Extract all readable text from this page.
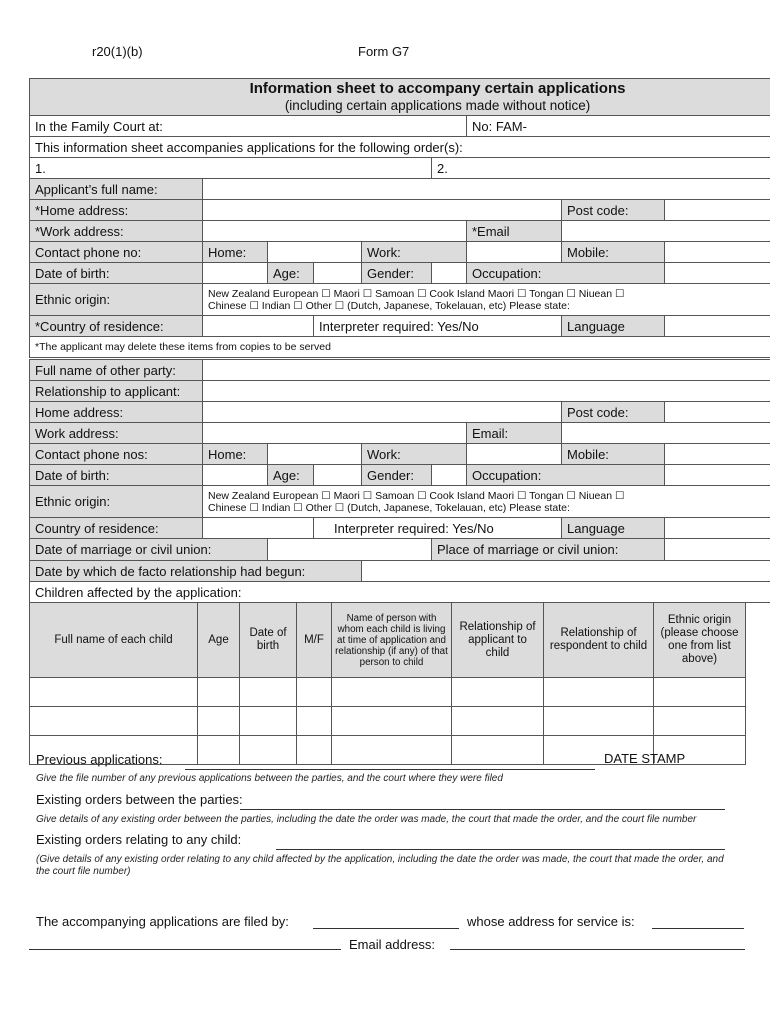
r20(1)(b)	Form G7
Information sheet to accompany certain applications
(including certain applications made without notice)								

In the Family Court at:						No: FAM-		
This information sheet accompanies applications for the following order(s):								
1.					2.			
Applicant’s full name:								
*Home address:							Post code:	
*Work address:						*Email		
Contact phone no:	Home:			Work:			Mobile:	
Date of birth:		Age:		Gender:		Occupation:		
Ethnic origin:	New Zealand European ☐ Maori ☐ Samoan ☐ Cook Island Maori ☐ Tongan ☐ Niuean ☐
Chinese ☐ Indian ☐ Other ☐ (Dutch, Japanese, Tokelauan, etc) Please state:							

*Country of residence:			Interpreter required: Yes/No				Language	
*The applicant may delete these items from copies to be served								
Full name of other party:								
Relationship to applicant:								
Home address:							Post code:	
Work address:						Email:		
Contact phone nos:	Home:			Work:			Mobile:	
Date of birth:		Age:		Gender:		Occupation:		
Ethnic origin:	New Zealand European ☐ Maori ☐ Samoan ☐ Cook Island Maori ☐ Tongan ☐ Niuean ☐
Chinese ☐ Indian ☐ Other ☐ (Dutch, Japanese, Tokelauan, etc) Please state:							

Country of residence:			Interpreter required: Yes/No				Language	
Date of marriage or civil union:					Place of marriage or civil union:			
Date by which de facto relationship had begun:								
Children affected by the application:								
Full name of each child	Age	Date of birth	M/F	Name of person with whom each child is living at time of application and relationship (if any) of that person to child	Relationship of applicant to child	Relationship of respondent to child	Ethnic origin (please choose one from list above)

Previous applications:	DATE STAMP
Give the file number of any previous applications between the parties, and the court where they were filed
Existing orders between the parties:
Give details of any existing order between the parties, including the date the order was made, the court that made the order, and the court file number
Existing orders relating to any child:
(Give details of any existing order relating to any child affected by the application, including the date the order was made, the court that made the order, and the court file number)
The accompanying applications are filed by:	whose address for service is:
Email address:
